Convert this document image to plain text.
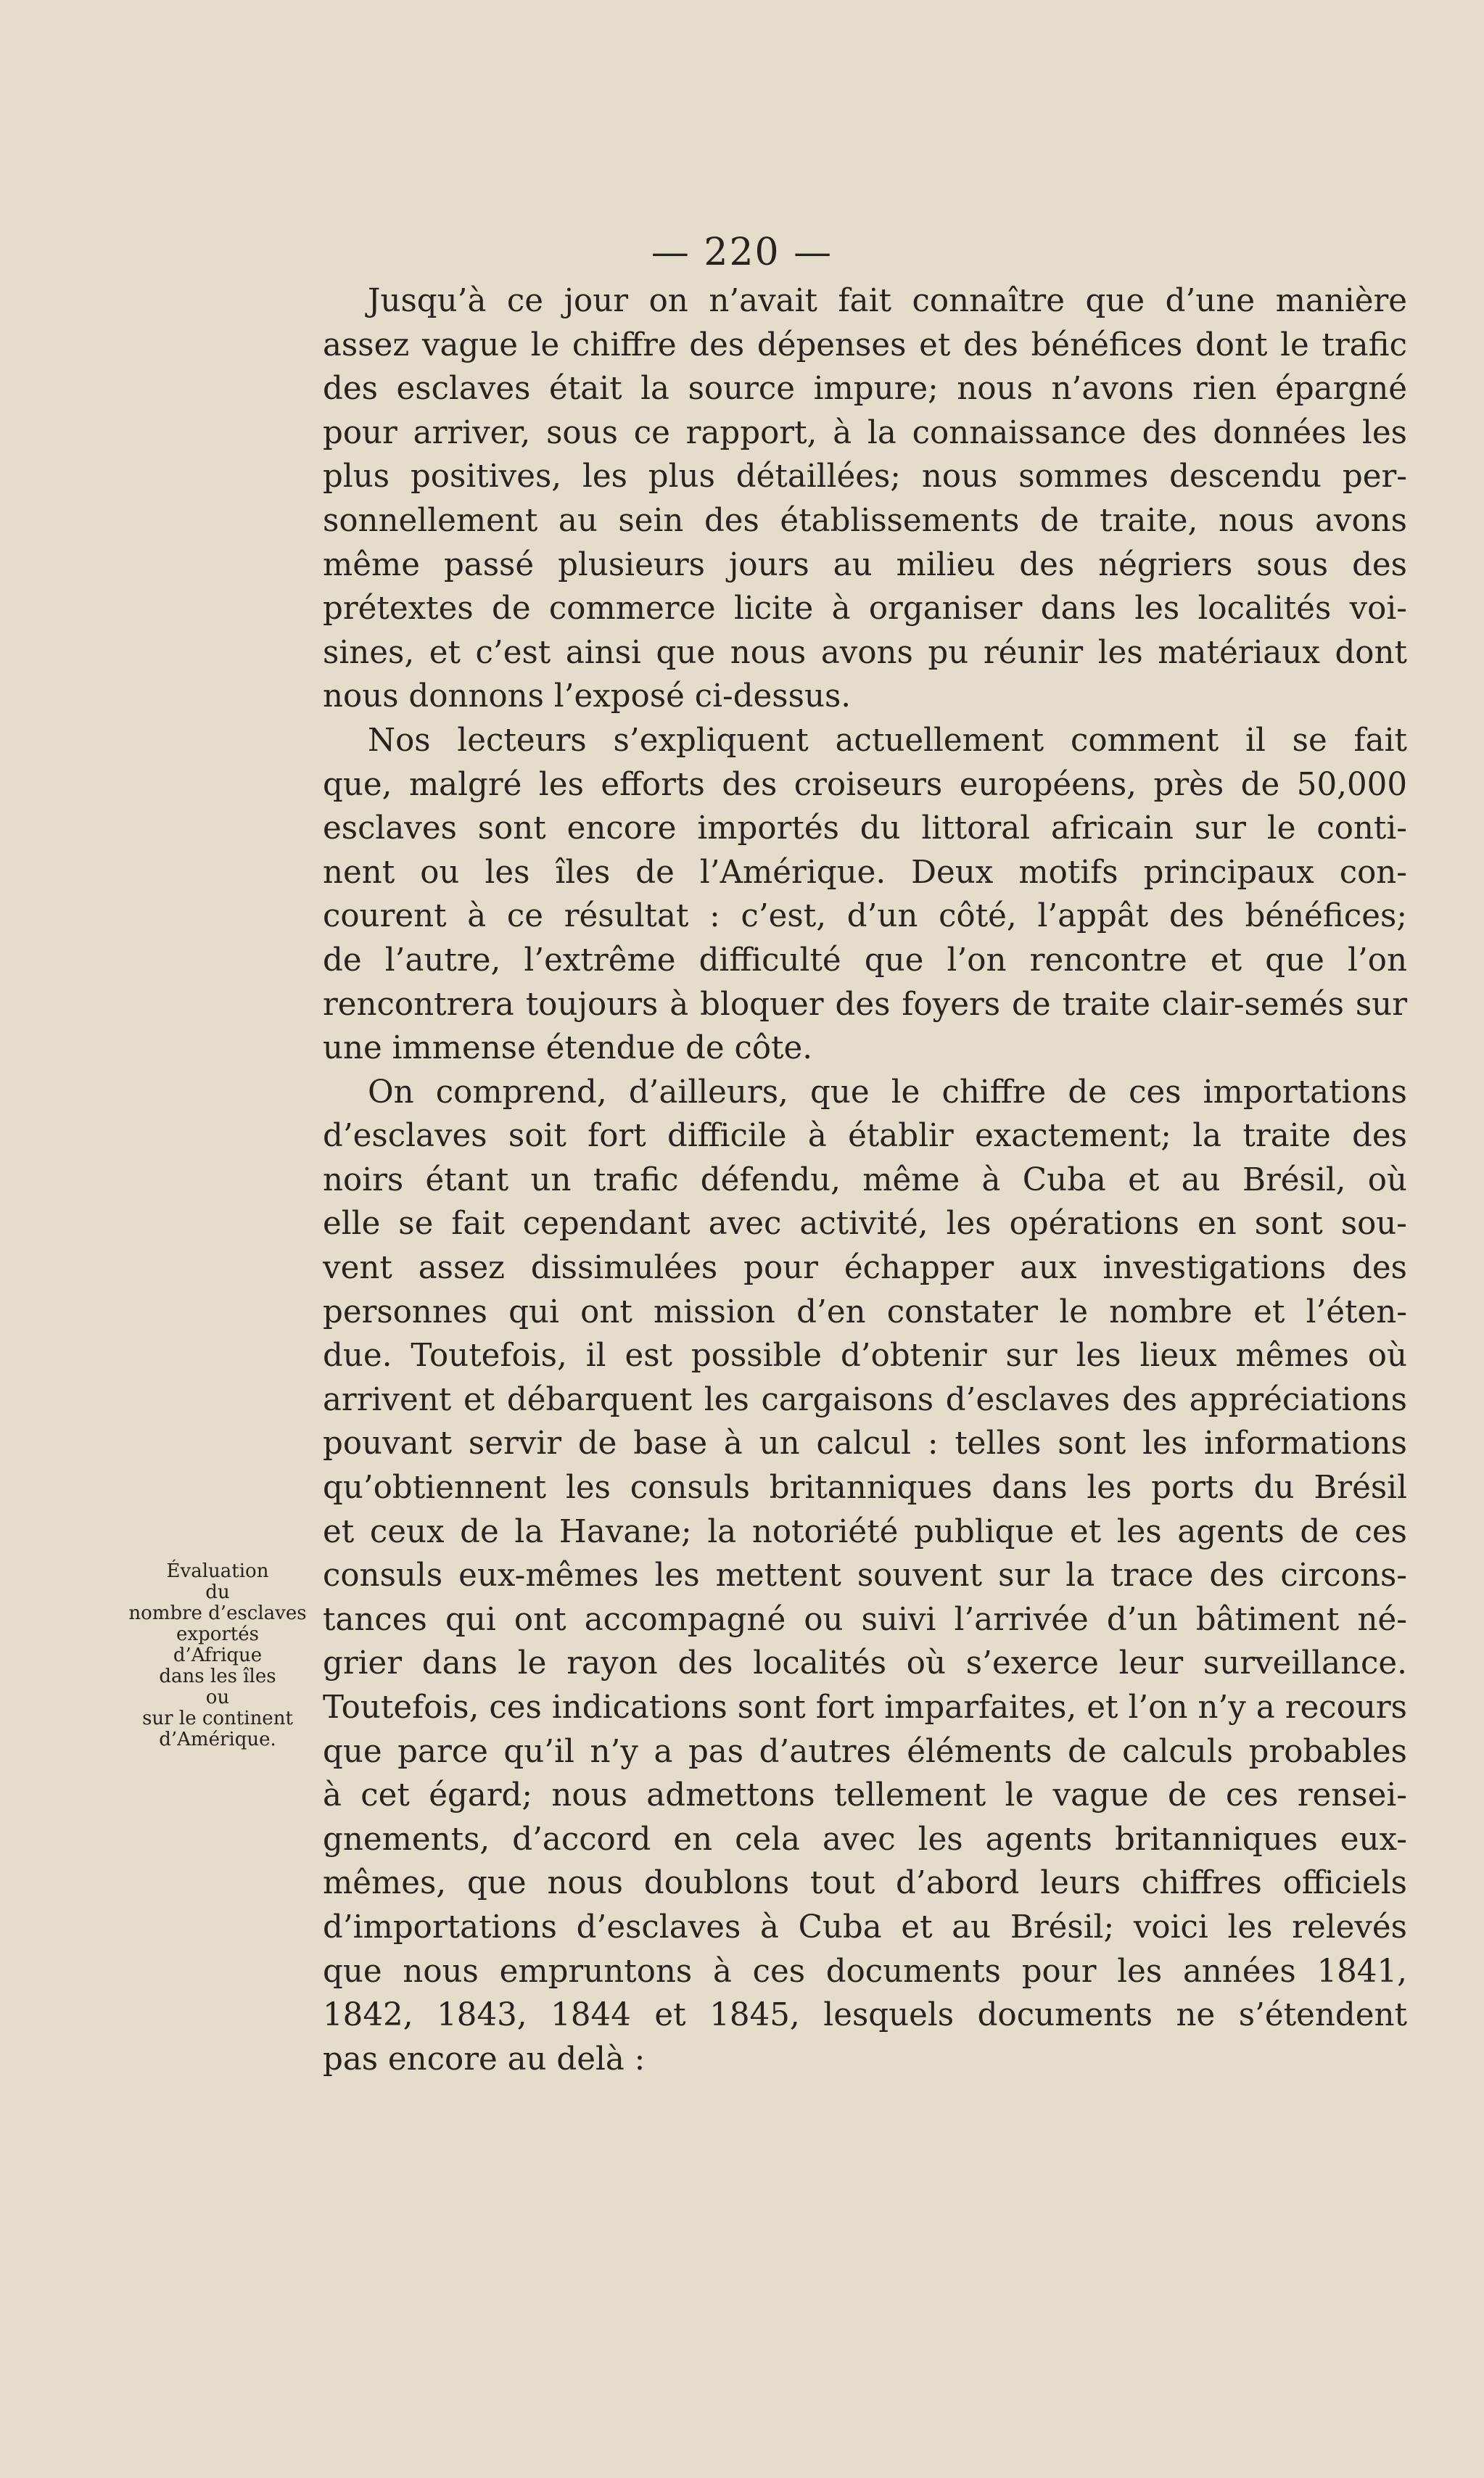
— 220 —
Évaluation
du
nombre d’esclaves
exportés
d’Afrique
dans les îles
ou
sur le continent
d’Amérique.

Jusqu’à ce jour on n’avait fait connaître que d’une manière
assez vague le chiffre des dépenses et des bénéfices dont le trafic
des esclaves était la source impure; nous n’avons rien épargné
pour arriver, sous ce rapport, à la connaissance des données les
plus positives, les plus détaillées; nous sommes descendu per-
sonnellement au sein des établissements de traite, nous avons
même passé plusieurs jours au milieu des négriers sous des
prétextes de commerce licite à organiser dans les localités voi-
sines, et c’est ainsi que nous avons pu réunir les matériaux dont
nous donnons l’exposé ci-dessus.

Nos lecteurs s’expliquent actuellement comment il se fait
que, malgré les efforts des croiseurs européens, près de 50,000
esclaves sont encore importés du littoral africain sur le conti-
nent ou les îles de l’Amérique. Deux motifs principaux con-
courent à ce résultat : c’est, d’un côté, l’appât des bénéfices;
de l’autre, l’extrême difficulté que l’on rencontre et que l’on
rencontrera toujours à bloquer des foyers de traite clair-semés sur
une immense étendue de côte.

On comprend, d’ailleurs, que le chiffre de ces importations
d’esclaves soit fort difficile à établir exactement; la traite des
noirs étant un trafic défendu, même à Cuba et au Brésil, où
elle se fait cependant avec activité, les opérations en sont sou-
vent assez dissimulées pour échapper aux investigations des
personnes qui ont mission d’en constater le nombre et l’éten-
due. Toutefois, il est possible d’obtenir sur les lieux mêmes où
arrivent et débarquent les cargaisons d’esclaves des appréciations
pouvant servir de base à un calcul : telles sont les informations
qu’obtiennent les consuls britanniques dans les ports du Brésil
et ceux de la Havane; la notoriété publique et les agents de ces
consuls eux-mêmes les mettent souvent sur la trace des circons-
tances qui ont accompagné ou suivi l’arrivée d’un bâtiment né-
grier dans le rayon des localités où s’exerce leur surveillance.
Toutefois, ces indications sont fort imparfaites, et l’on n’y a recours
que parce qu’il n’y a pas d’autres éléments de calculs probables
à cet égard; nous admettons tellement le vague de ces rensei-
gnements, d’accord en cela avec les agents britanniques eux-
mêmes, que nous doublons tout d’abord leurs chiffres officiels
d’importations d’esclaves à Cuba et au Brésil; voici les relevés
que nous empruntons à ces documents pour les années 1841,
1842, 1843, 1844 et 1845, lesquels documents ne s’étendent
pas encore au delà :
